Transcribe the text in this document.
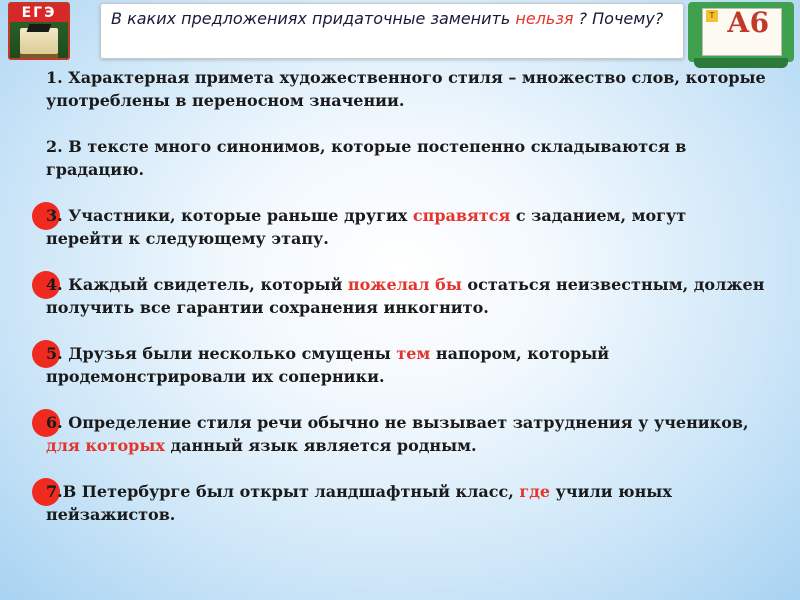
ЕГЭ	В каких предложениях придаточные заменить нельзя ? Почему?	Т А6
1. Характерная примета художественного стиля – множество слов, которые употреблены в переносном значении.
2. В тексте много синонимов, которые постепенно складываются в градацию.
3. Участники, которые раньше других справятся с заданием, могут перейти к следующему этапу.
4. Каждый свидетель, который пожелал бы остаться неизвестным, должен получить все гарантии сохранения инкогнито.
5. Друзья были несколько смущены тем напором, который продемонстрировали их соперники.
6. Определение стиля речи обычно не вызывает затруднения у учеников, для которых данный язык является родным.
7.В Петербурге был открыт ландшафтный класс, где учили юных пейзажистов.
